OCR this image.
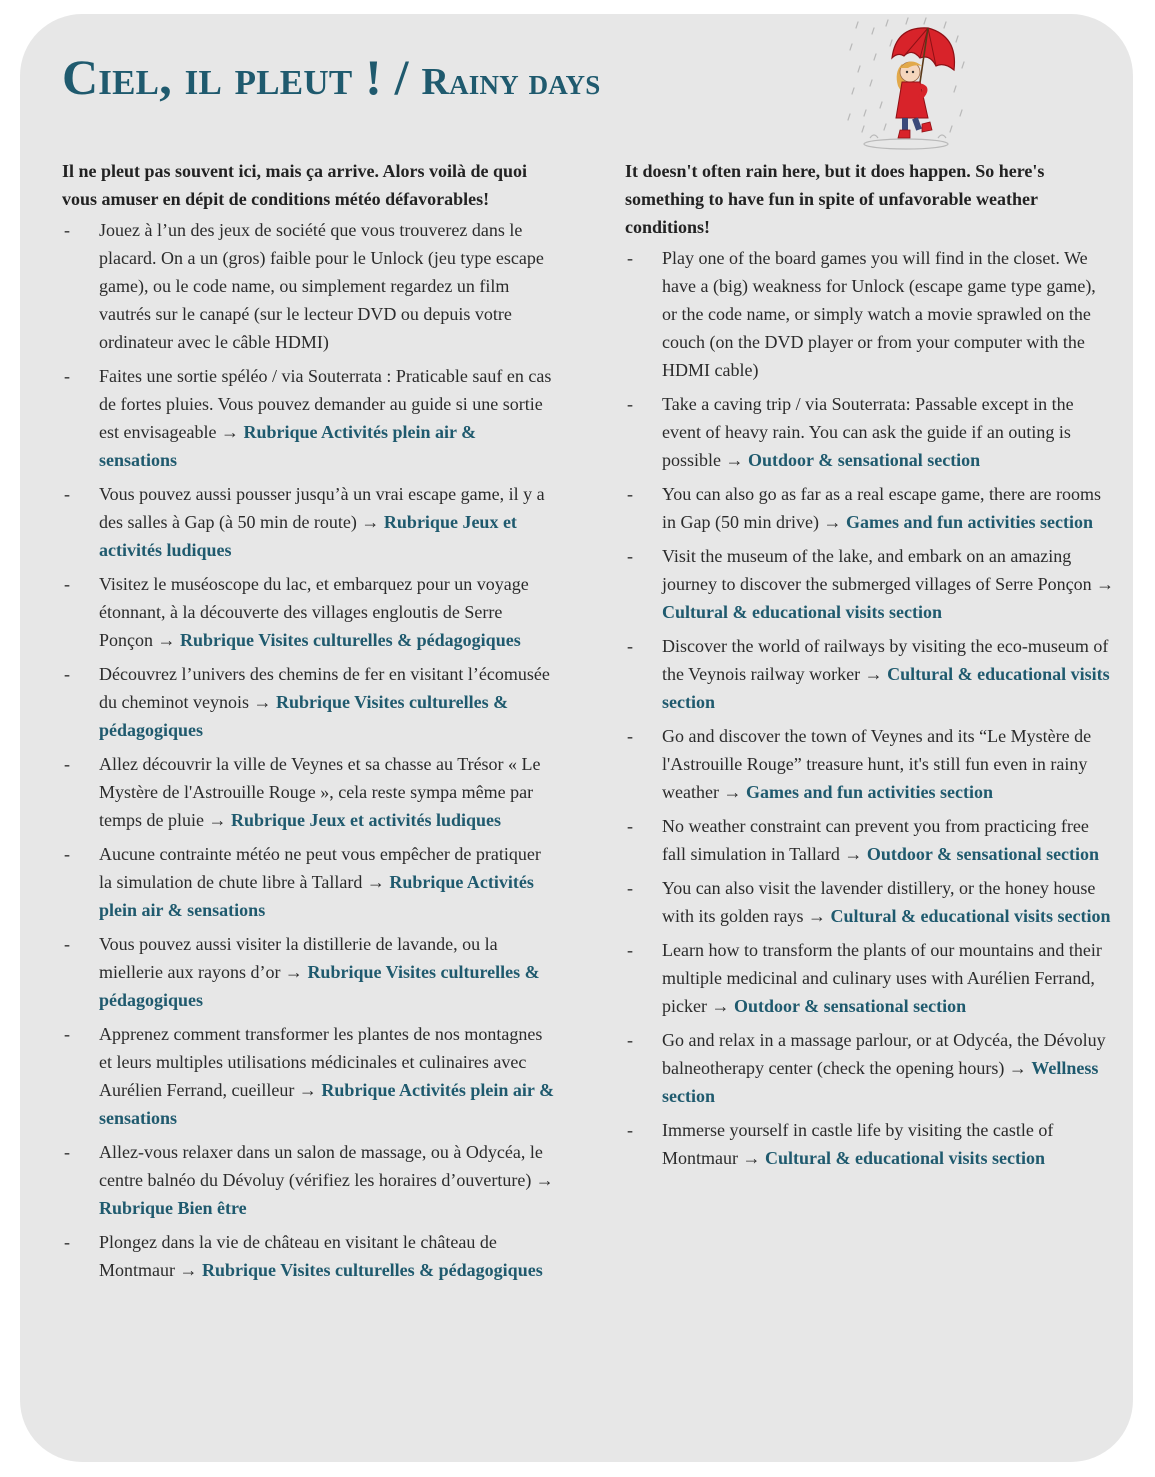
Ciel, il pleut ! / Rainy days

Il ne pleut pas souvent ici, mais ça arrive. Alors voilà de quoi vous amuser en dépit de conditions météo défavorables!

- Jouez à l’un des jeux de société que vous trouverez dans le placard. On a un (gros) faible pour le Unlock (jeu type escape game), ou le code name, ou simplement regardez un film vautrés sur le canapé (sur le lecteur DVD ou depuis votre ordinateur avec le câble HDMI)
- Faites une sortie spéléo / via Souterrata : Praticable sauf en cas de fortes pluies. Vous pouvez demander au guide si une sortie est envisageable → Rubrique Activités plein air & sensations
- Vous pouvez aussi pousser jusqu’à un vrai escape game, il y a des salles à Gap (à 50 min de route) → Rubrique Jeux et activités ludiques
- Visitez le muséoscope du lac, et embarquez pour un voyage étonnant, à la découverte des villages engloutis de Serre Ponçon → Rubrique Visites culturelles & pédagogiques
- Découvrez l’univers des chemins de fer en visitant l’écomusée du cheminot veynois → Rubrique Visites culturelles & pédagogiques
- Allez découvrir la ville de Veynes et sa chasse au Trésor « Le Mystère de l'Astrouille Rouge », cela reste sympa même par temps de pluie → Rubrique Jeux et activités ludiques
- Aucune contrainte météo ne peut vous empêcher de pratiquer la simulation de chute libre à Tallard → Rubrique Activités plein air & sensations
- Vous pouvez aussi visiter la distillerie de lavande, ou la miellerie aux rayons d’or → Rubrique Visites culturelles & pédagogiques
- Apprenez comment transformer les plantes de nos montagnes et leurs multiples utilisations médicinales et culinaires avec Aurélien Ferrand, cueilleur → Rubrique Activités plein air & sensations
- Allez-vous relaxer dans un salon de massage, ou à Odycéa, le centre balnéo du Dévoluy (vérifiez les horaires d’ouverture) → Rubrique Bien être
- Plongez dans la vie de château en visitant le château de Montmaur → Rubrique Visites culturelles & pédagogiques

It doesn't often rain here, but it does happen. So here's something to have fun in spite of unfavorable weather conditions!

- Play one of the board games you will find in the closet. We have a (big) weakness for Unlock (escape game type game), or the code name, or simply watch a movie sprawled on the couch (on the DVD player or from your computer with the HDMI cable)
- Take a caving trip / via Souterrata: Passable except in the event of heavy rain. You can ask the guide if an outing is possible → Outdoor & sensational section
- You can also go as far as a real escape game, there are rooms in Gap (50 min drive) → Games and fun activities section
- Visit the museum of the lake, and embark on an amazing journey to discover the submerged villages of Serre Ponçon → Cultural & educational visits section
- Discover the world of railways by visiting the eco-museum of the Veynois railway worker → Cultural & educational visits section
- Go and discover the town of Veynes and its “Le Mystère de l'Astrouille Rouge” treasure hunt, it's still fun even in rainy weather → Games and fun activities section
- No weather constraint can prevent you from practicing free fall simulation in Tallard → Outdoor & sensational section
- You can also visit the lavender distillery, or the honey house with its golden rays → Cultural & educational visits section
- Learn how to transform the plants of our mountains and their multiple medicinal and culinary uses with Aurélien Ferrand, picker → Outdoor & sensational section
- Go and relax in a massage parlour, or at Odycéa, the Dévoluy balneotherapy center (check the opening hours) → Wellness section
- Immerse yourself in castle life by visiting the castle of Montmaur → Cultural & educational visits section
